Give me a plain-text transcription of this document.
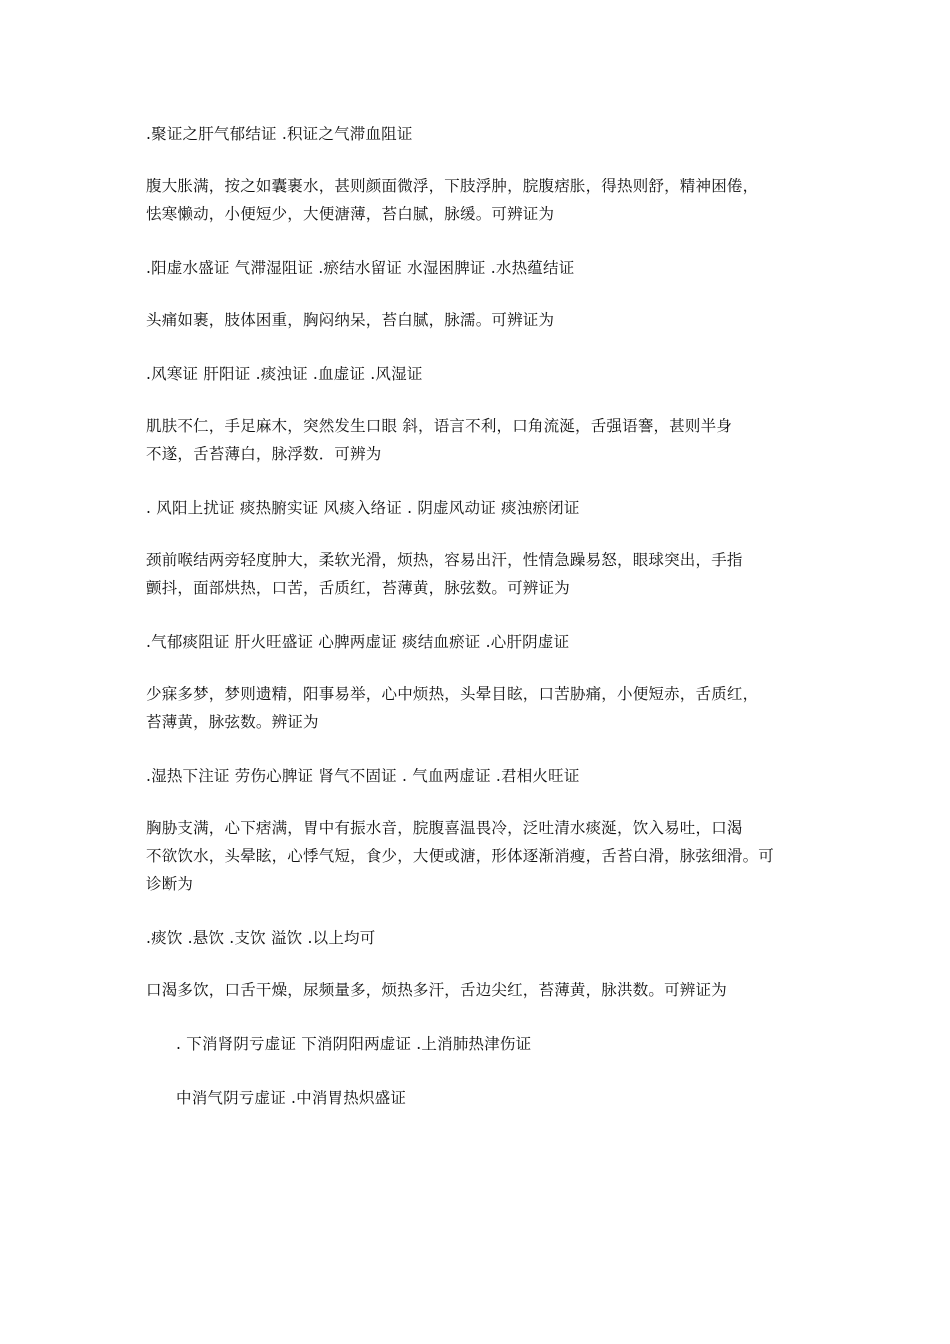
.聚证之肝气郁结证 .积证之气滞血阻证
腹大胀满，按之如囊裹水，甚则颜面微浮，下肢浮肿，脘腹痞胀，得热则舒，精神困倦，
怯寒懒动，小便短少，大便溏薄，苔白腻，脉缓。可辨证为
.阳虚水盛证 气滞湿阻证 .瘀结水留证 水湿困脾证 .水热蕴结证
头痛如裹，肢体困重，胸闷纳呆，苔白腻，脉濡。可辨证为
.风寒证 肝阳证 .痰浊证 .血虚证 .风湿证
肌肤不仁，手足麻木，突然发生口眼 斜，语言不利，口角流涎，舌强语謇，甚则半身
不遂，舌苔薄白，脉浮数．可辨为
. 风阳上扰证 痰热腑实证 风痰入络证 . 阴虚风动证 痰浊瘀闭证
颈前喉结两旁轻度肿大，柔软光滑，烦热，容易出汗，性情急躁易怒，眼球突出，手指
颤抖，面部烘热，口苦，舌质红，苔薄黄，脉弦数。可辨证为
.气郁痰阻证 肝火旺盛证 心脾两虚证 痰结血瘀证 .心肝阴虚证
少寐多梦，梦则遗精，阳事易举，心中烦热，头晕目眩，口苦胁痛，小便短赤，舌质红，
苔薄黄，脉弦数。辨证为
.湿热下注证 劳伤心脾证 肾气不固证 . 气血两虚证 .君相火旺证
胸胁支满，心下痞满，胃中有振水音，脘腹喜温畏冷，泛吐清水痰涎，饮入易吐，口渴
不欲饮水，头晕眩，心悸气短，食少，大便或溏，形体逐渐消瘦，舌苔白滑，脉弦细滑。可
诊断为
.痰饮 .悬饮 .支饮 溢饮 .以上均可
口渴多饮，口舌干燥，尿频量多，烦热多汗，舌边尖红，苔薄黄，脉洪数。可辨证为
. 下消肾阴亏虚证 下消阴阳两虚证 .上消肺热津伤证
中消气阴亏虚证 .中消胃热炽盛证
